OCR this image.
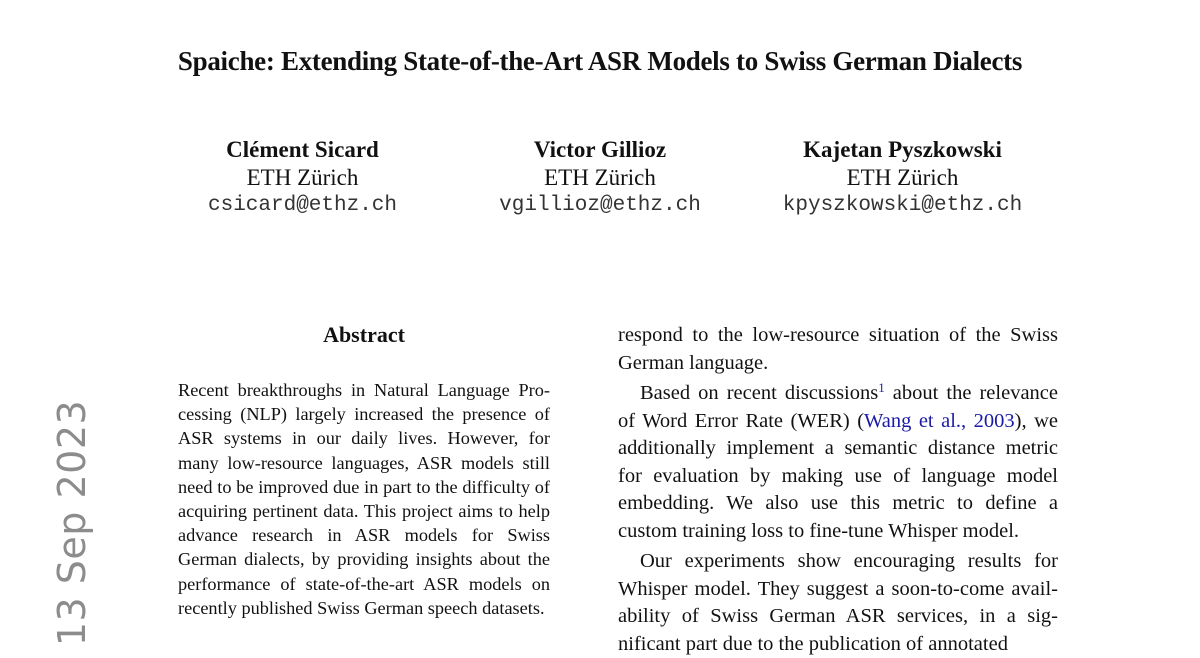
Spaiche: Extending State-of-the-Art ASR Models to Swiss German Dialects
Clément Sicard
ETH Zürich
csicard@ethz.ch
Victor Gillioz
ETH Zürich
vgillioz@ethz.ch
Kajetan Pyszkowski
ETH Zürich
kpyszkowski@ethz.ch
13 Sep 2023
Abstract
Recent breakthroughs in Natural Language Processing (NLP) largely increased the presence of ASR systems in our daily lives. However, for many low-resource languages, ASR models still need to be improved due in part to the difficulty of acquiring pertinent data. This project aims to help advance research in ASR models for Swiss German dialects, by providing insights about the performance of state-of-the-art ASR models on recently published Swiss German speech datasets.

respond to the low-resource situation of the Swiss German language.

Based on recent discussions$^1$ about the relevance of Word Error Rate (WER) (Wang et al., 2003), we additionally implement a semantic distance metric for evaluation by making use of language model embedding. We also use this metric to define a custom training loss to fine-tune Whisper model.

Our experiments show encouraging results for Whisper model. They suggest a soon-to-come availability of Swiss German ASR services, in a significant part due to the publication of annotated
